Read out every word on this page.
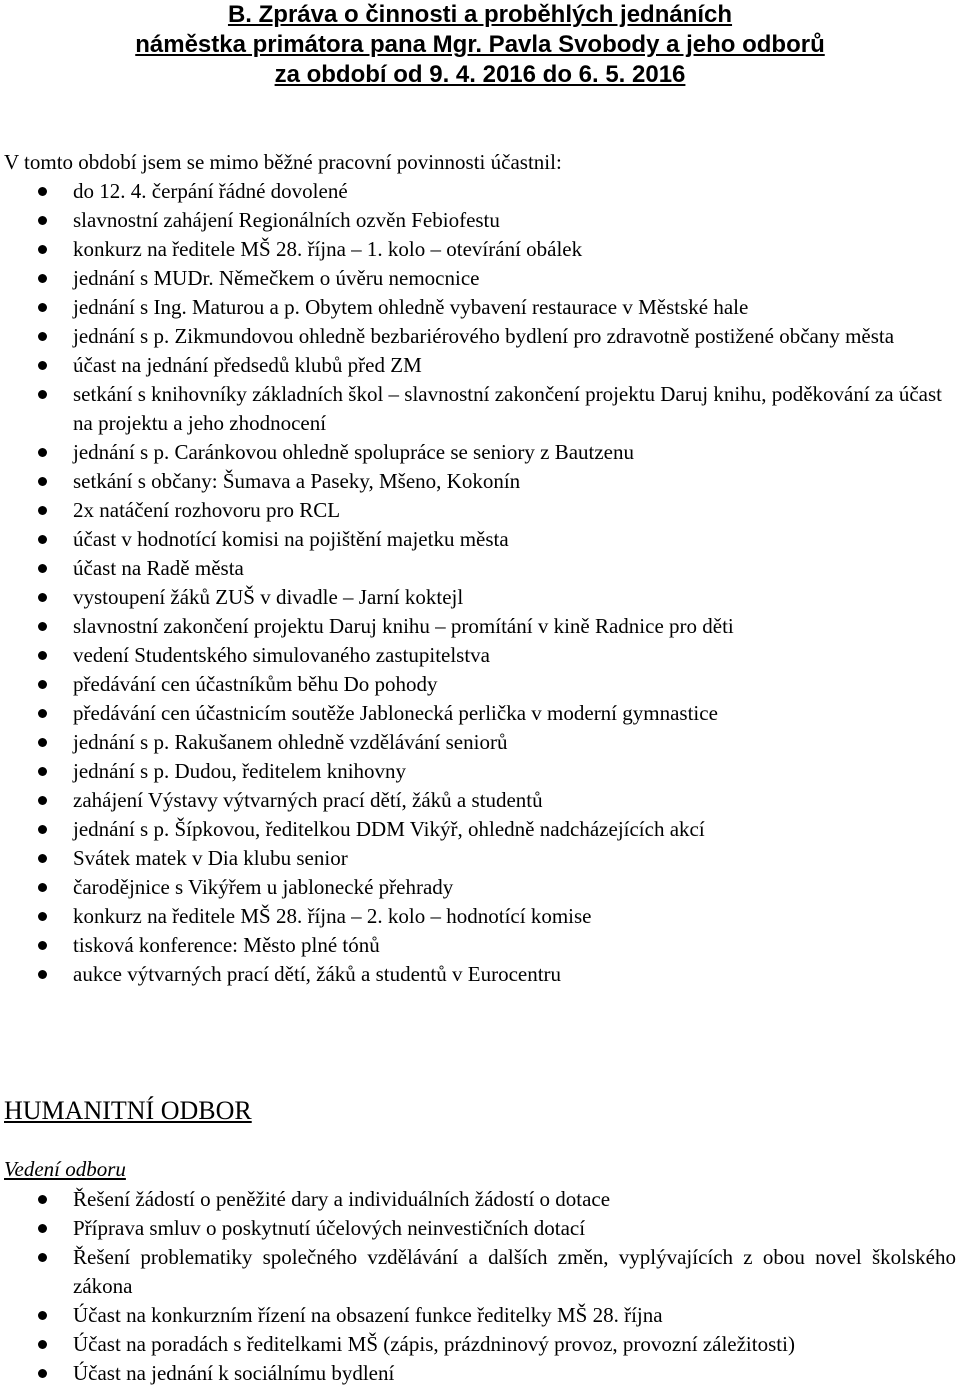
B. Zpráva o činnosti a proběhlých jednáních
náměstka primátora pana Mgr. Pavla Svobody a jeho odborů
za období od 9. 4. 2016 do 6. 5. 2016
V tomto období jsem se mimo běžné pracovní povinnosti účastnil:
do 12. 4. čerpání řádné dovolené
slavnostní zahájení Regionálních ozvěn Febiofestu
konkurz na ředitele MŠ 28. října – 1. kolo – otevírání obálek
jednání s MUDr. Němečkem o úvěru nemocnice
jednání s Ing. Maturou a p. Obytem ohledně vybavení restaurace v Městské hale
jednání s p. Zikmundovou ohledně bezbariérového bydlení pro zdravotně postižené občany města
účast na jednání předsedů klubů před ZM
setkání s knihovníky základních škol – slavnostní zakončení projektu Daruj knihu, poděkování za účast na projektu a jeho zhodnocení
jednání s p. Caránkovou ohledně spolupráce se seniory z Bautzenu
setkání s občany: Šumava a Paseky, Mšeno, Kokonín
2x natáčení rozhovoru pro RCL
účast v hodnotící komisi na pojištění majetku města
účast na Radě města
vystoupení žáků ZUŠ v divadle – Jarní koktejl
slavnostní zakončení projektu Daruj knihu – promítání v kině Radnice pro děti
vedení Studentského simulovaného zastupitelstva
předávání cen účastníkům běhu Do pohody
předávání cen účastnicím soutěže Jablonecká perlička v moderní gymnastice
jednání s p. Rakušanem ohledně vzdělávání seniorů
jednání s p. Dudou, ředitelem knihovny
zahájení Výstavy výtvarných prací dětí, žáků a studentů
jednání s p. Šípkovou, ředitelkou DDM Vikýř, ohledně nadcházejících akcí
Svátek matek v Dia klubu senior
čarodějnice s Vikýřem u jablonecké přehrady
konkurz na ředitele MŠ 28. října – 2. kolo – hodnotící komise
tisková konference: Město plné tónů
aukce výtvarných prací dětí, žáků a studentů v Eurocentru
HUMANITNÍ ODBOR
Vedení odboru
Řešení žádostí o peněžité dary a individuálních žádostí o dotace
Příprava smluv o poskytnutí účelových neinvestičních dotací
Řešení problematiky společného vzdělávání a dalších změn, vyplývajících z obou novel školského zákona
Účast na konkurzním řízení na obsazení funkce ředitelky MŠ 28. října
Účast na poradách s ředitelkami MŠ (zápis, prázdninový provoz, provozní záležitosti)
Účast na jednání k sociálnímu bydlení
